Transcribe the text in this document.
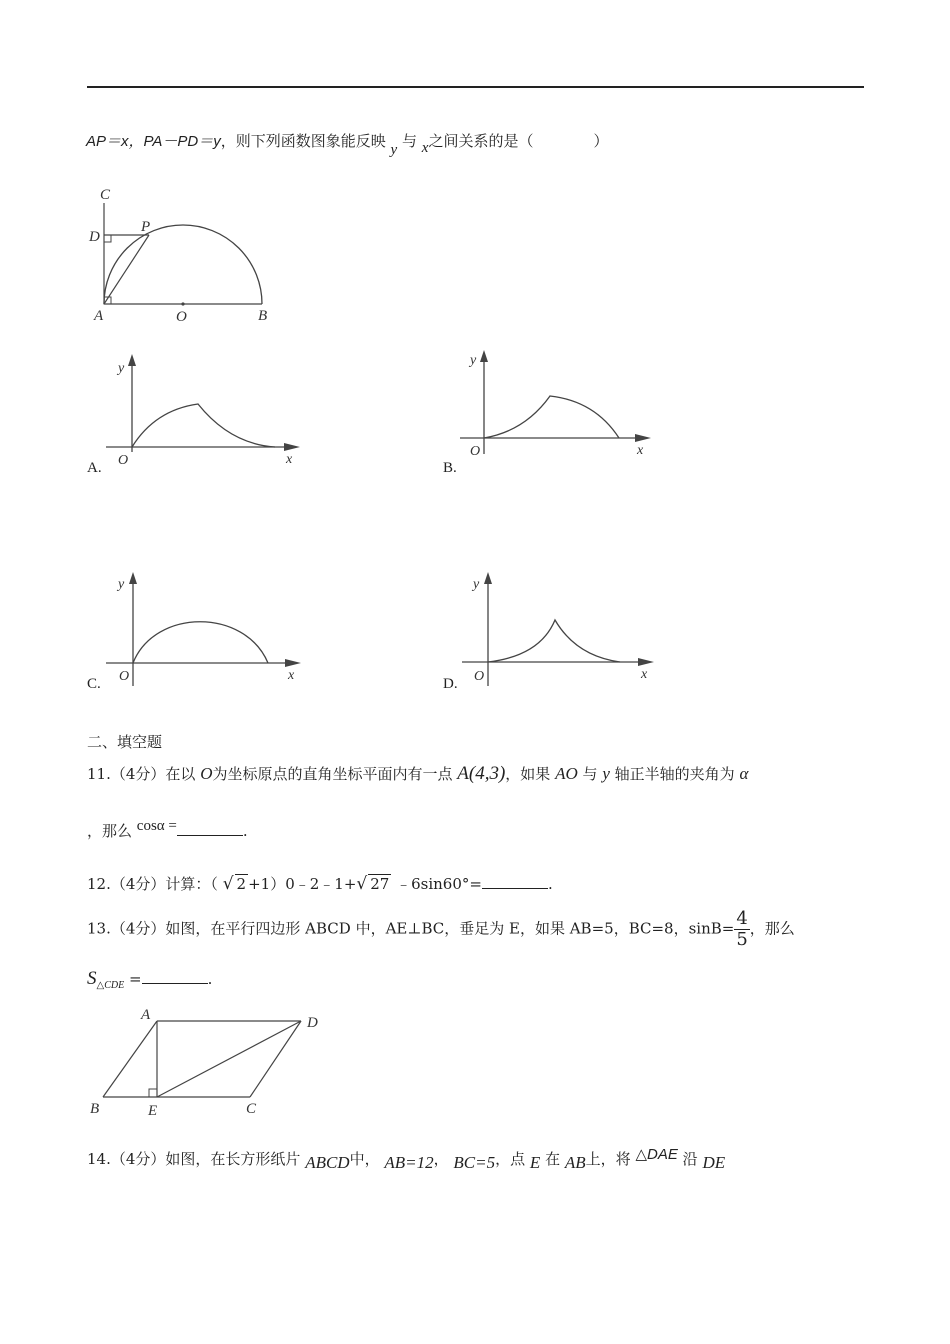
AP＝x，PA－PD＝y，则下列函数图象能反映 y 与 x之间关系的是（	）
C
D
P
A	O	B
y
O	x
A.
y
O	x
B.
y
O	x
C.
y
O	x
D.
二、填空题
11.（4分）在以 O为坐标原点的直角坐标平面内有一点 A(4,3)，如果 AO 与 y 轴正半轴的夹角为 α
，那么 cosα =	.
12.（4分）计算：（ √ 2 +1）0﹣2﹣1+√ 27 ﹣6sin60°=	.
13.（4分）如图，在平行四边形 ABCD 中，AE⊥BC，垂足为 E，如果 AB=5，BC=8，$\sin B= \frac{4}{5}$ ，那么
$S_{\triangle CDE}$ =	.
A	D
B	E	C
14.（4分）如图，在长方形纸片 ABCD中， AB=12， BC=5，点 E 在 AB上，将 △DAE 沿 DE
